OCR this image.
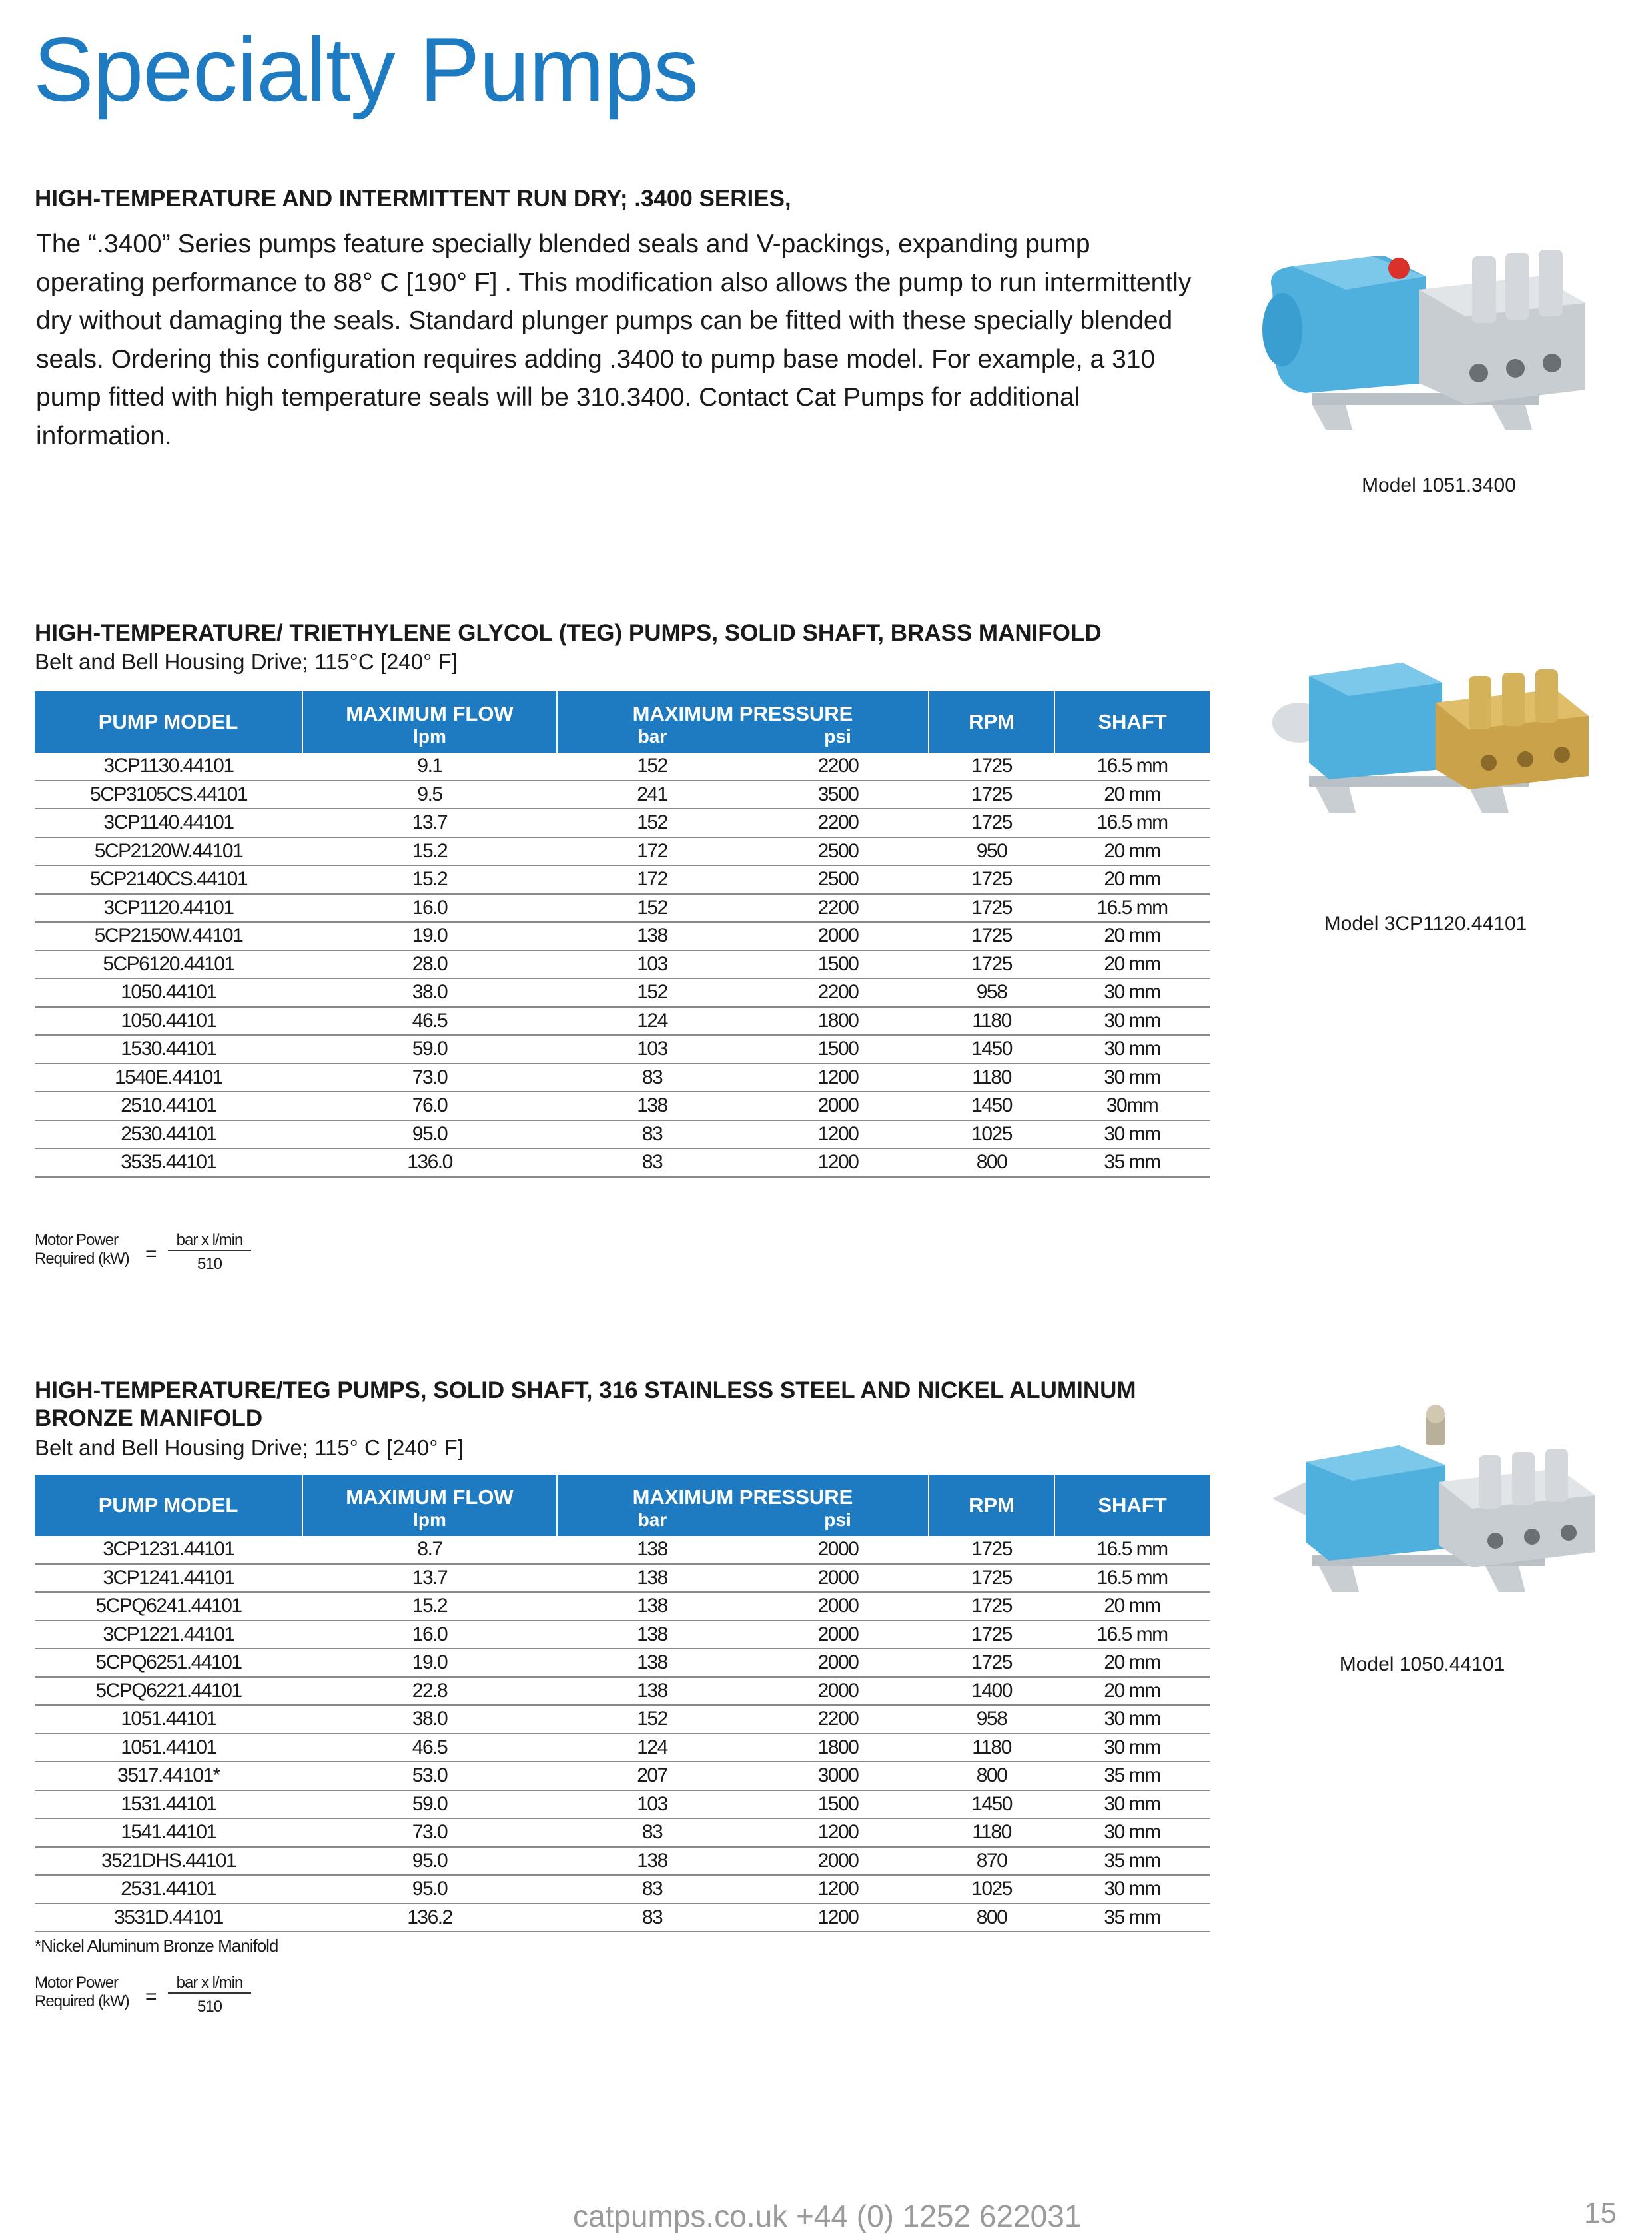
Specialty Pumps
HIGH-TEMPERATURE AND INTERMITTENT RUN DRY; .3400 SERIES,
The “.3400” Series pumps feature specially blended seals and V-packings, expanding pump operating performance to 88° C [190° F] . This modification also allows the pump to run intermittently dry without damaging the seals. Standard plunger pumps can be fitted with these specially blended seals. Ordering this configuration requires adding .3400 to pump base model. For example, a 310 pump fitted with high temperature seals will be 310.3400. Contact Cat Pumps for additional information.
Model 1051.3400
HIGH-TEMPERATURE/ TRIETHYLENE GLYCOL (TEG) PUMPS, SOLID SHAFT, BRASS MANIFOLD
Belt and Bell Housing Drive; 115°C [240° F]
PUMP MODEL	MAXIMUM FLOW	MAXIMUM PRESSURE		RPM	SHAFT
	lpm	bar	psi		
3CP1130.44101	9.1	152	2200	1725	16.5 mm
5CP3105CS.44101	9.5	241	3500	1725	20 mm
3CP1140.44101	13.7	152	2200	1725	16.5 mm
5CP2120W.44101	15.2	172	2500	950	20 mm
5CP2140CS.44101	15.2	172	2500	1725	20 mm
3CP1120.44101	16.0	152	2200	1725	16.5 mm
5CP2150W.44101	19.0	138	2000	1725	20 mm
5CP6120.44101	28.0	103	1500	1725	20 mm
1050.44101	38.0	152	2200	958	30 mm
1050.44101	46.5	124	1800	1180	30 mm
1530.44101	59.0	103	1500	1450	30 mm
1540E.44101	73.0	83	1200	1180	30 mm
2510.44101	76.0	138	2000	1450	30mm
2530.44101	95.0	83	1200	1025	30 mm
3535.44101	136.0	83	1200	800	35 mm
Model 3CP1120.44101
Motor Power
Required (kW) =
bar x l/min
510
HIGH-TEMPERATURE/TEG PUMPS, SOLID SHAFT, 316 STAINLESS STEEL AND NICKEL ALUMINUM BRONZE MANIFOLD
Belt and Bell Housing Drive; 115° C [240° F]
PUMP MODEL	MAXIMUM FLOW	MAXIMUM PRESSURE		RPM	SHAFT
	lpm	bar	psi		
3CP1231.44101	8.7	138	2000	1725	16.5 mm
3CP1241.44101	13.7	138	2000	1725	16.5 mm
5CPQ6241.44101	15.2	138	2000	1725	20 mm
3CP1221.44101	16.0	138	2000	1725	16.5 mm
5CPQ6251.44101	19.0	138	2000	1725	20 mm
5CPQ6221.44101	22.8	138	2000	1400	20 mm
1051.44101	38.0	152	2200	958	30 mm
1051.44101	46.5	124	1800	1180	30 mm
3517.44101*	53.0	207	3000	800	35 mm
1531.44101	59.0	103	1500	1450	30 mm
1541.44101	73.0	83	1200	1180	30 mm
3521DHS.44101	95.0	138	2000	870	35 mm
2531.44101	95.0	83	1200	1025	30 mm
3531D.44101	136.2	83	1200	800	35 mm
*Nickel Aluminum Bronze Manifold
Motor Power
Required (kW) =
bar x l/min
510
Model 1050.44101
catpumps.co.uk +44 (0) 1252 622031	15
